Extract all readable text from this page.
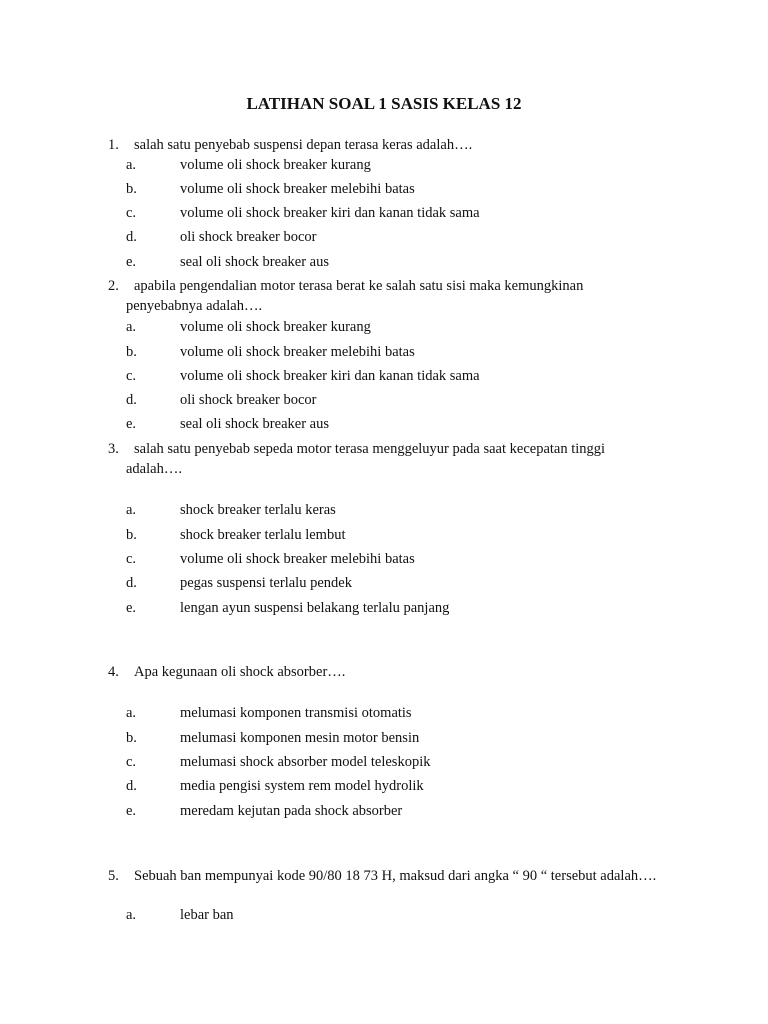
LATIHAN SOAL 1 SASIS KELAS 12
1. salah satu penyebab suspensi depan terasa keras adalah….
a.	volume oli shock breaker kurang
b.	volume oli shock breaker melebihi batas
c.	volume oli shock breaker kiri dan kanan tidak sama
d.	oli shock breaker bocor
e.	seal oli shock breaker aus
2. apabila pengendalian motor terasa berat ke salah satu sisi maka kemungkinan
penyebabnya adalah….
a.	volume oli shock breaker kurang
b.	volume oli shock breaker melebihi batas
c.	volume oli shock breaker kiri dan kanan tidak sama
d.	oli shock breaker bocor
e.	seal oli shock breaker aus
3. salah satu penyebab sepeda motor terasa menggeluyur pada saat kecepatan tinggi
adalah….
a.	shock breaker terlalu keras
b.	shock breaker terlalu lembut
c.	volume oli shock breaker melebihi batas
d.	pegas suspensi terlalu pendek
e.	lengan ayun suspensi belakang terlalu panjang
4. Apa kegunaan oli shock absorber….
a.	melumasi komponen transmisi otomatis
b.	melumasi komponen mesin motor bensin
c.	melumasi shock absorber model teleskopik
d.	media pengisi system rem model hydrolik
e.	meredam kejutan pada shock absorber
5. Sebuah ban mempunyai kode 90/80 18 73 H, maksud dari angka “ 90 “ tersebut adalah….
a.	lebar ban
